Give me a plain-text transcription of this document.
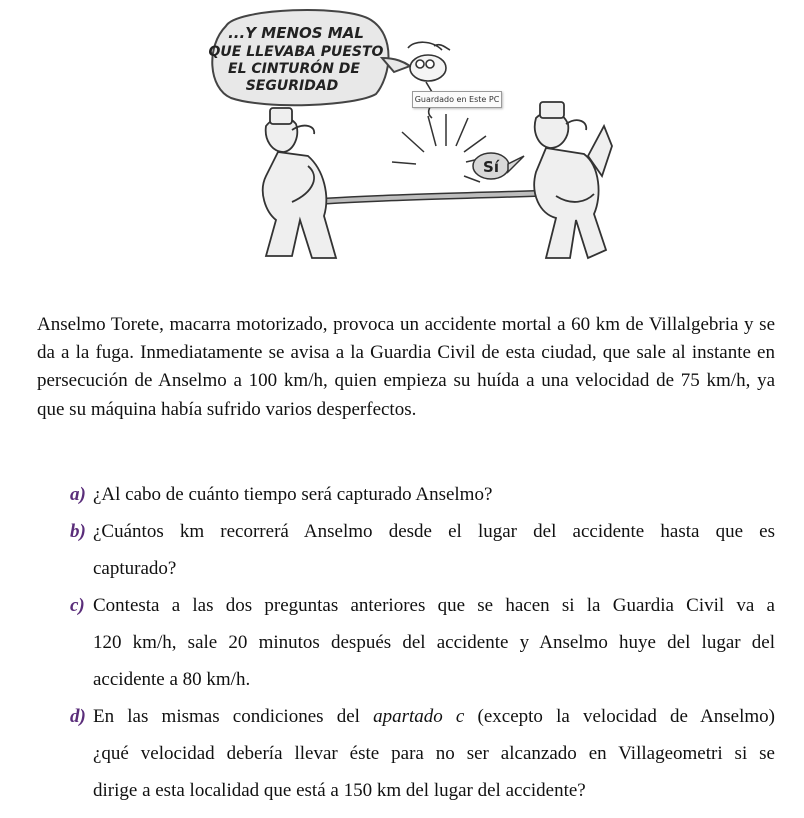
...Y MENOS MAL
QUE LLEVABA PUESTO
EL CINTURÓN DE
SEGURIDAD
Sí
Guardado en Este PC

Anselmo Torete, macarra motorizado, provoca un accidente mortal a 60 km de Villalgebria y se da a la fuga. Inmediatamente se avisa a la Guardia Civil de esta ciudad, que sale al instante en persecución de Anselmo a 100 km/h, quien empieza su huída a una velocidad de 75 km/h, ya que su máquina había sufrido varios desperfectos.

a) ¿Al cabo de cuánto tiempo será capturado Anselmo?
b) ¿Cuántos km recorrerá Anselmo desde el lugar del accidente hasta que es
capturado?
c) Contesta a las dos preguntas anteriores que se hacen si la Guardia Civil va a
120 km/h, sale 20 minutos después del accidente y Anselmo huye del lugar del
accidente a 80 km/h.
d) En las mismas condiciones del apartado c (excepto la velocidad de Anselmo)
¿qué velocidad debería llevar éste para no ser alcanzado en Villageometri si se
dirige a esta localidad que está a 150 km del lugar del accidente?
